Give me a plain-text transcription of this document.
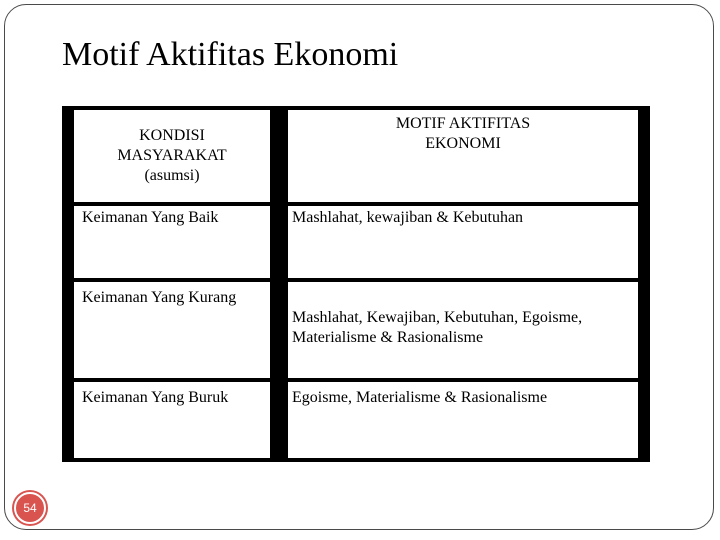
Motif Aktifitas Ekonomi
KONDISI
MASYARAKAT
(asumsi)
MOTIF AKTIFITAS
EKONOMI
Keimanan Yang Baik	Mashlahat, kewajiban & Kebutuhan
Keimanan Yang Kurang

Mashlahat, Kewajiban, Kebutuhan, Egoisme,
Materialisme & Rasionalisme

Keimanan Yang Buruk	Egoisme, Materialisme & Rasionalisme
54
